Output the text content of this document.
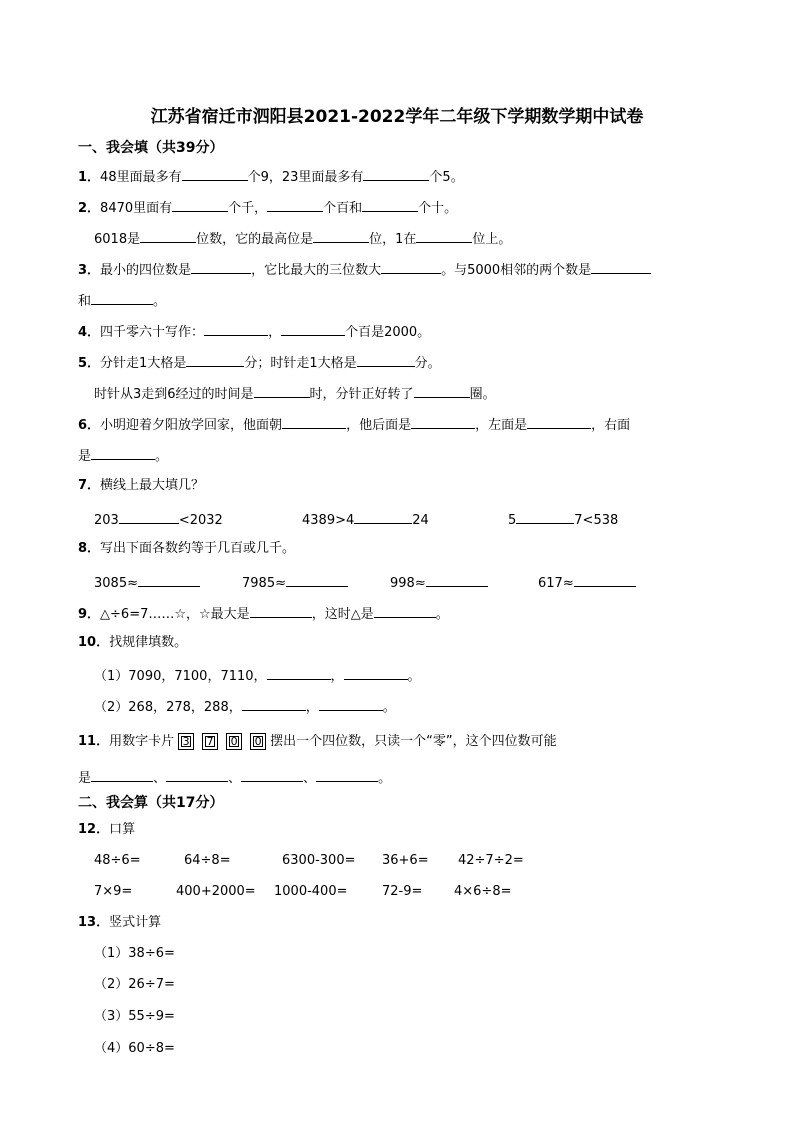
江苏省宿迁市泗阳县2021-2022学年二年级下学期数学期中试卷
一、我会填（共39分）
1．48里面最多有	个9，23里面最多有	个5。
2．8470里面有	个千，	个百和	个十。
6018是	位数，它的最高位是	位，1在	位上。
3．最小的四位数是	，它比最大的三位数大	。与5000相邻的两个数是
和	。
4．四千零六十写作：	，	个百是2000。
5．分针走1大格是	分；时针走1大格是	分。
时针从3走到6经过的时间是	时，分针正好转了	圈。
6．小明迎着夕阳放学回家，他面朝	，他后面是	，左面是	，右面
是	。
7．横线上最大填几？
203	<2032	4389>4	24	5	7<538
8．写出下面各数约等于几百或几千。
3085≈	7985≈	998≈	617≈
9．△÷6=7……☆，☆最大是	，这时△是	。
10．找规律填数。
（1）7090，7100，7110，	，	。
（2）268，278，288，	，	。
11．用数字卡片 3 7 0 0 摆出一个四位数，只读一个“零”，这个四位数可能
是	、	、	、	。
二、我会算（共17分）
12．口算
48÷6=	64÷8=	6300-300= 36+6= 42÷7÷2=
7×9=	400+2000= 1000-400=	72-9= 4×6÷8=
13．竖式计算
（1）38÷6=
（2）26÷7=
（3）55÷9=
（4）60÷8=
